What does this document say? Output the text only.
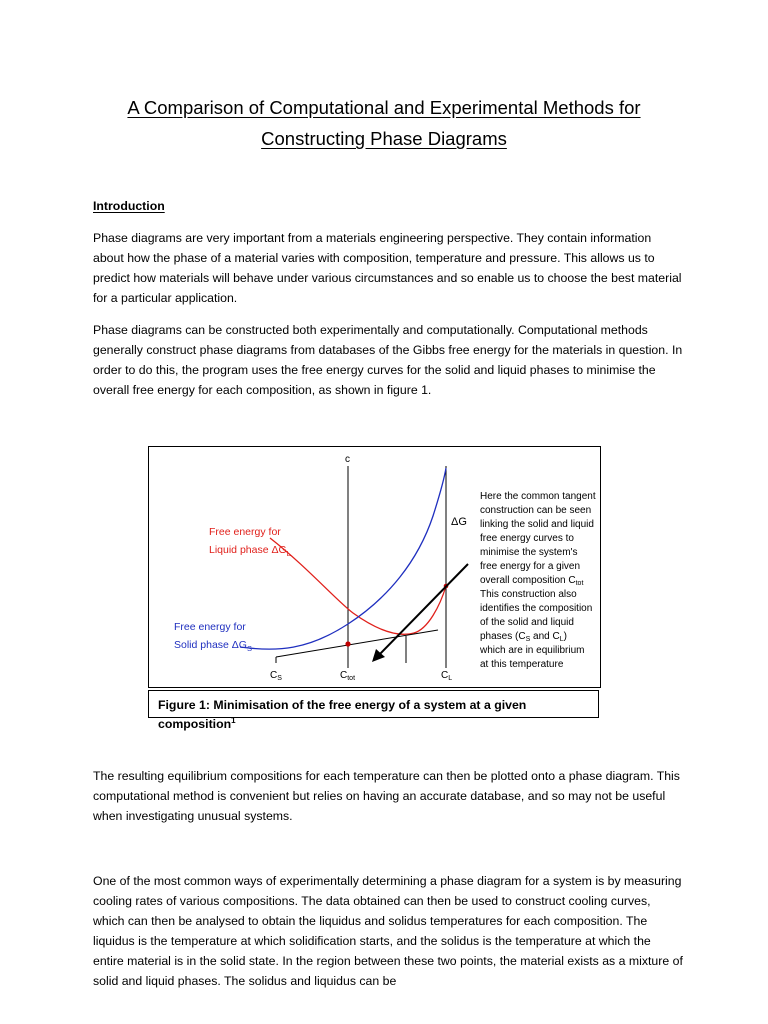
A Comparison of Computational and Experimental Methods for
Constructing Phase Diagrams
Introduction

Phase diagrams are very important from a materials engineering perspective. They contain information about how the phase of a material varies with composition, temperature and pressure. This allows us to predict how materials will behave under various circumstances and so enable us to choose the best material for a particular application.

Phase diagrams can be constructed both experimentally and computationally. Computational methods generally construct phase diagrams from databases of the Gibbs free energy for the materials in question. In order to do this, the program uses the free energy curves for the solid and liquid phases to minimise the overall free energy for each composition, as shown in figure 1.

c
ΔG
Free energy for
Liquid phase $\Delta G_L$
Free energy for
Solid phase $\Delta G_S$
$C_S$	$C_{tot}$	$C_L$
Here the common tangent
construction can be seen
linking the solid and liquid
free energy curves to
minimise the system's
free energy for a given
overall composition $C_{tot}$
This construction also
identifies the composition
of the solid and liquid
phases ($C_S$ and $C_L$)
which are in equilibrium
at this temperature
Figure 1: Minimisation of the free energy of a system at a given composition$^1$

The resulting equilibrium compositions for each temperature can then be plotted onto a phase diagram. This computational method is convenient but relies on having an accurate database, and so may not be useful when investigating unusual systems.

One of the most common ways of experimentally determining a phase diagram for a system is by measuring cooling rates of various compositions. The data obtained can then be used to construct cooling curves, which can then be analysed to obtain the liquidus and solidus temperatures for each composition. The liquidus is the temperature at which solidification starts, and the solidus is the temperature at which the entire material is in the solid state. In the region between these two points, the material exists as a mixture of solid and liquid phases. The solidus and liquidus can be
